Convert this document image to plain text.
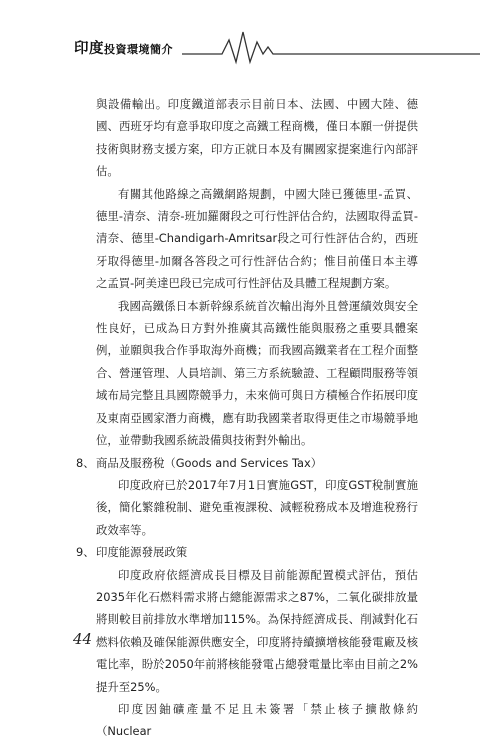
印度投資環境簡介

與設備輸出。印度鐵道部表示目前日本、法國、中國大陸、德國、西班牙均有意爭取印度之高鐵工程商機，僅日本願一併提供技術與財務支援方案，印方正就日本及有關國家提案進行內部評估。

有關其他路線之高鐵網路規劃，中國大陸已獲德里-孟買、德里-清奈、清奈-班加羅爾段之可行性評估合約，法國取得孟買-清奈、德里-Chandigarh-Amritsar段之可行性評估合約，西班牙取得德里-加爾各答段之可行性評估合約；惟目前僅日本主導之孟買-阿美達巴段已完成可行性評估及具體工程規劃方案。

我國高鐵係日本新幹線系統首次輸出海外且營運績效與安全性良好，已成為日方對外推廣其高鐵性能與服務之重要具體案例，並願與我合作爭取海外商機；而我國高鐵業者在工程介面整合、營運管理、人員培訓、第三方系統驗證、工程顧問服務等領域布局完整且具國際競爭力，未來倘可與日方積極合作拓展印度及東南亞國家潛力商機，應有助我國業者取得更佳之市場競爭地位，並帶動我國系統設備與技術對外輸出。

8、 商品及服務稅（Goods and Services Tax）

印度政府已於2017年7月1日實施GST，印度GST稅制實施後，簡化繁雜稅制、避免重複課稅、減輕稅務成本及增進稅務行政效率等。

9、 印度能源發展政策

印度政府依經濟成長目標及目前能源配置模式評估，預估2035年化石燃料需求將占總能源需求之87%，二氧化碳排放量將則較目前排放水準增加115%。為保持經濟成長、削減對化石燃料依賴及確保能源供應安全，印度將持續擴增核能發電廠及核電比率，盼於2050年前將核能發電占總發電量比率由目前之2%提升至25%。

印度因鈾礦產量不足且未簽署「禁止核子擴散條約（Nuclear

44
